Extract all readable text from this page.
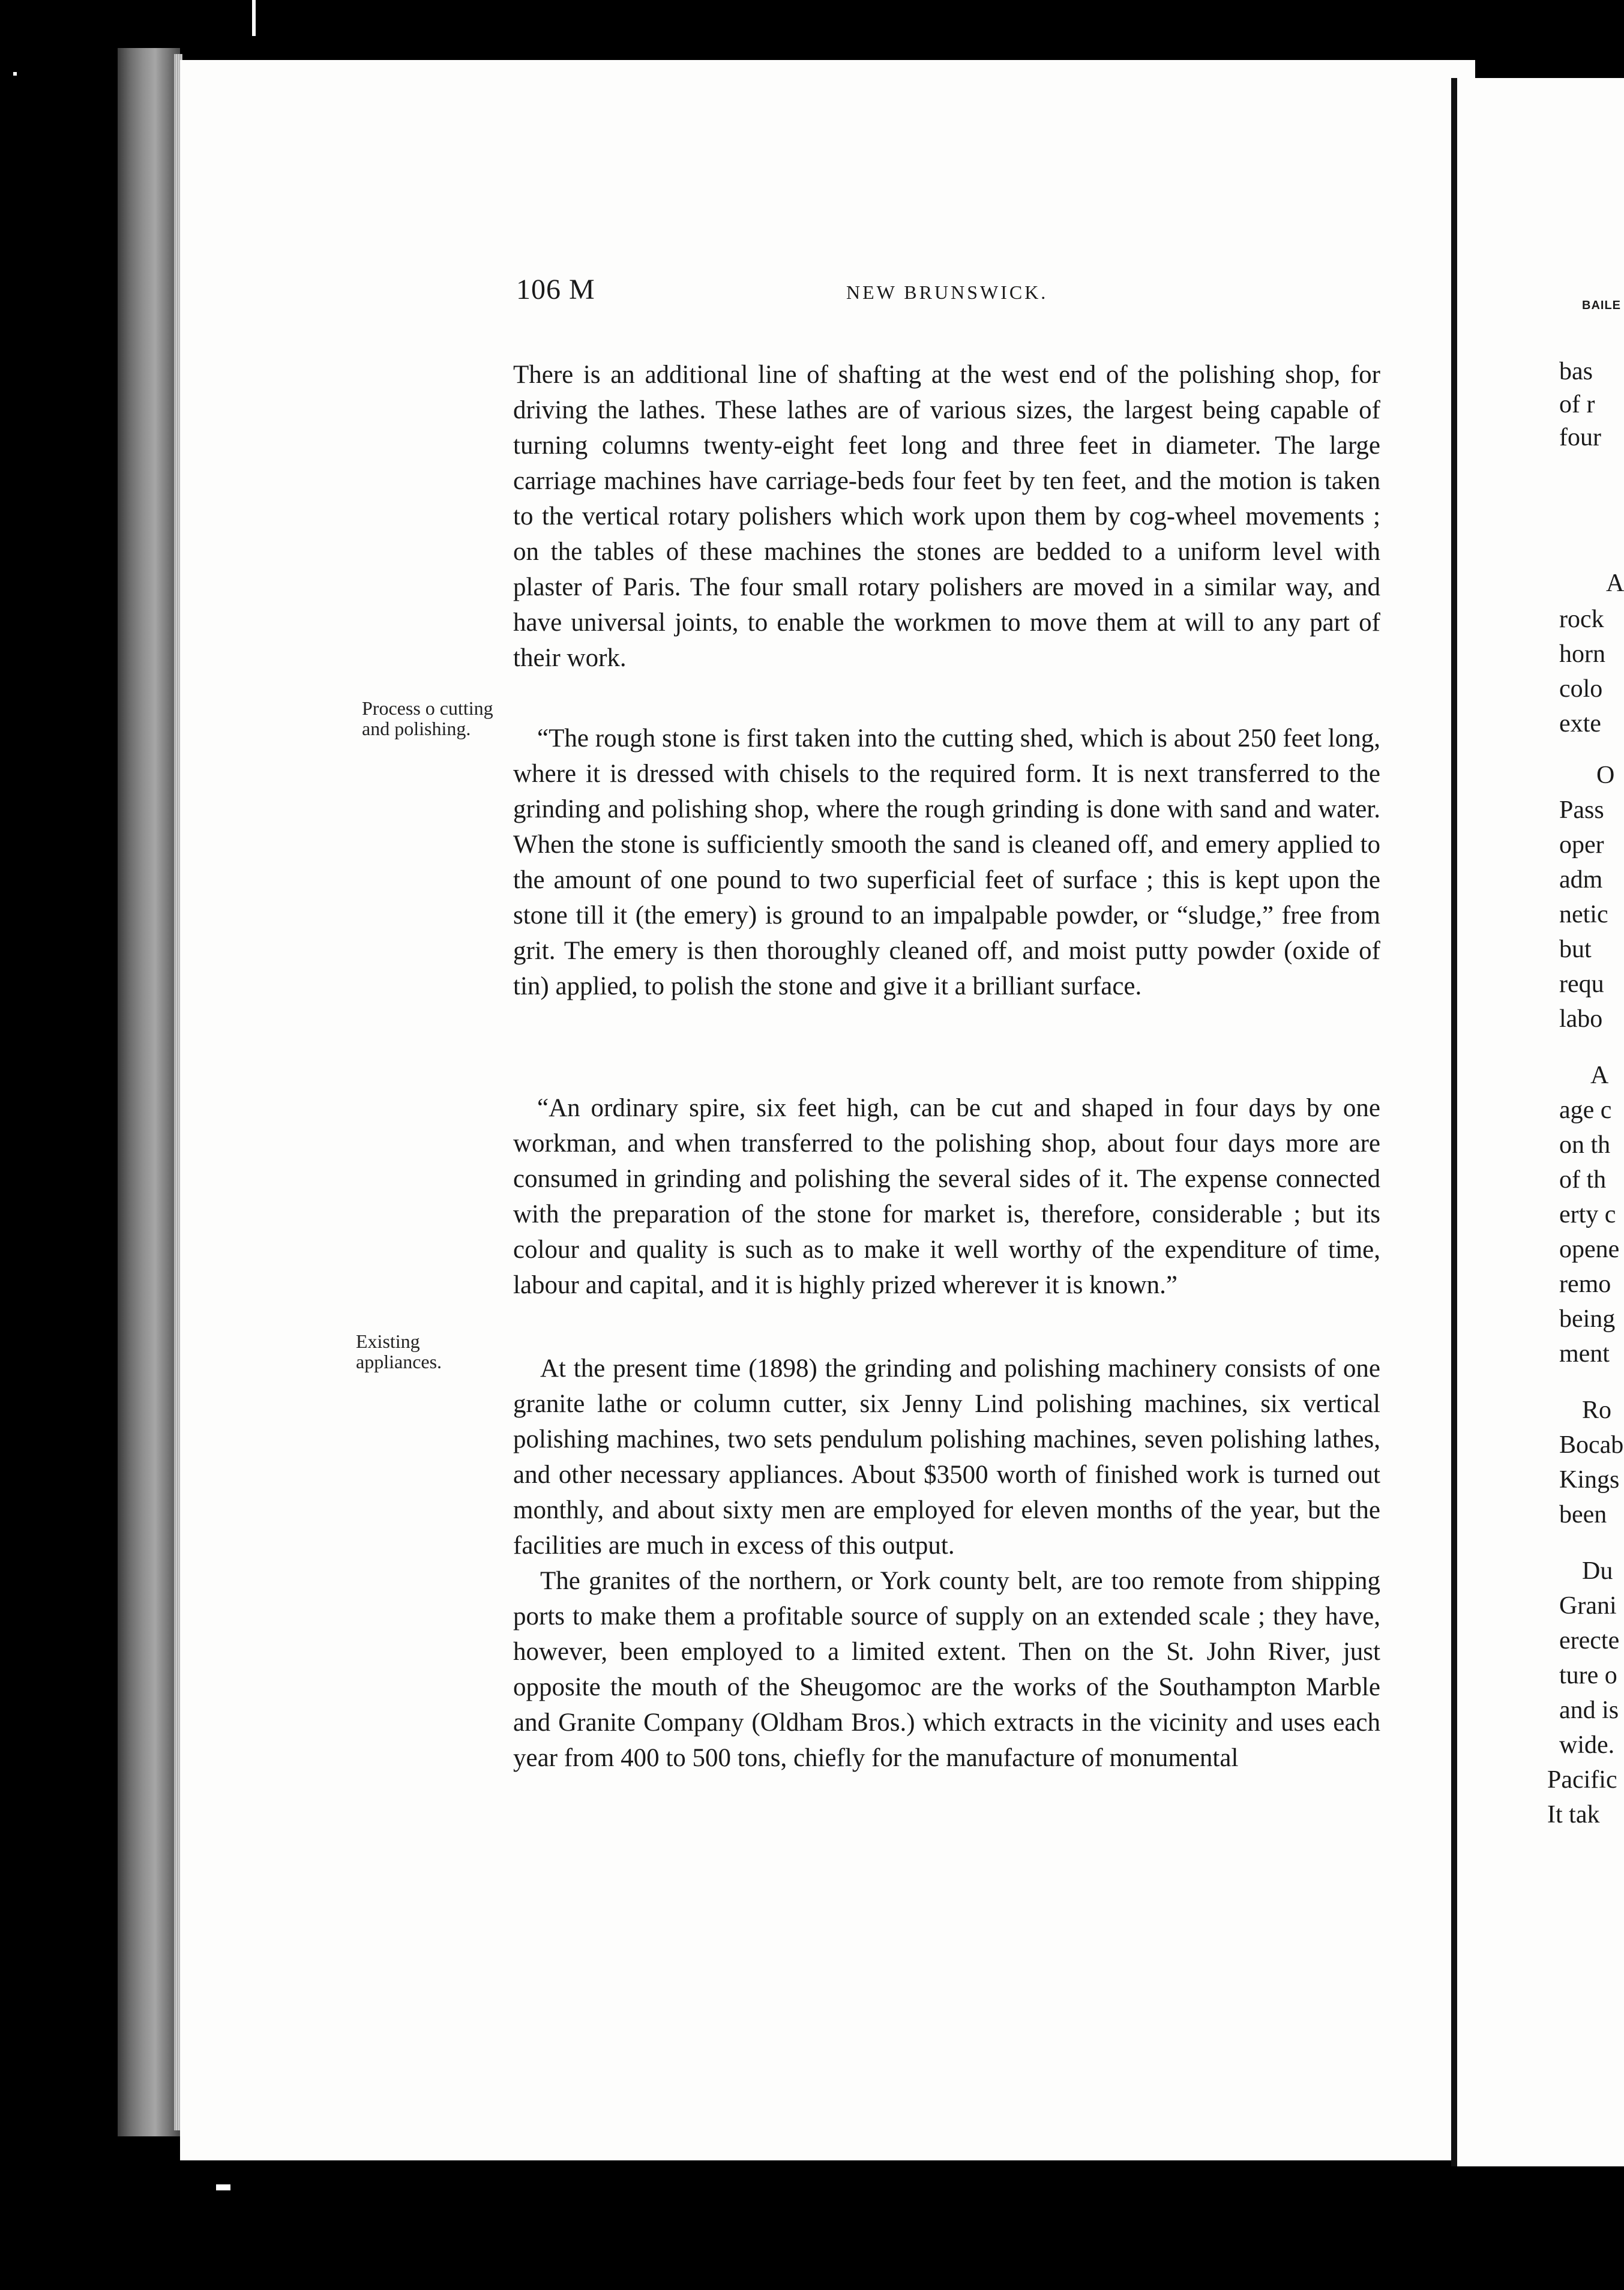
106 M	NEW BRUNSWICK.
Process o cutting and polishing.
Existing appliances.

There is an additional line of shafting at the west end of the polishing shop, for driving the lathes. These lathes are of various sizes, the largest being capable of turning columns twenty-eight feet long and three feet in diameter. The large carriage machines have carriage-beds four feet by ten feet, and the motion is taken to the vertical rotary polishers which work upon them by cog-wheel movements ; on the tables of these machines the stones are bedded to a uniform level with plaster of Paris. The four small rotary polishers are moved in a similar way, and have universal joints, to enable the workmen to move them at will to any part of their work.

“The rough stone is first taken into the cutting shed, which is about 250 feet long, where it is dressed with chisels to the required form. It is next transferred to the grinding and polishing shop, where the rough grinding is done with sand and water. When the stone is sufficiently smooth the sand is cleaned off, and emery applied to the amount of one pound to two superficial feet of surface ; this is kept upon the stone till it (the emery) is ground to an impalpable powder, or “sludge,” free from grit. The emery is then thoroughly cleaned off, and moist putty powder (oxide of tin) applied, to polish the stone and give it a brilliant surface.

“An ordinary spire, six feet high, can be cut and shaped in four days by one workman, and when transferred to the polishing shop, about four days more are consumed in grinding and polishing the several sides of it. The expense connected with the preparation of the stone for market is, therefore, considerable ; but its colour and quality is such as to make it well worthy of the expenditure of time, labour and capital, and it is highly prized wherever it is known.”

At the present time (1898) the grinding and polishing machinery consists of one granite lathe or column cutter, six Jenny Lind polishing machines, six vertical polishing machines, two sets pendulum polishing machines, seven polishing lathes, and other necessary appliances. About $3500 worth of finished work is turned out monthly, and about sixty men are employed for eleven months of the year, but the facilities are much in excess of this output.

The granites of the northern, or York county belt, are too remote from shipping ports to make them a profitable source of supply on an extended scale ; they have, however, been employed to a limited extent. Then on the St. John River, just opposite the mouth of the Sheugomoc are the works of the Southampton Marble and Granite Company (Oldham Bros.) which extracts in the vicinity and uses each year from 400 to 500 tons, chiefly for the manufacture of monumental

BAILE
bas
of r
four
A
rock
horn
colo
exte
O
Pass
oper
adm
netic
but
requ
labo
A
age c
on th
of th
erty c
opene
remo
being
ment
Ro
Bocab
Kings
been
Du
Grani
erecte
ture o
and is
wide.
Pacific
It tak
